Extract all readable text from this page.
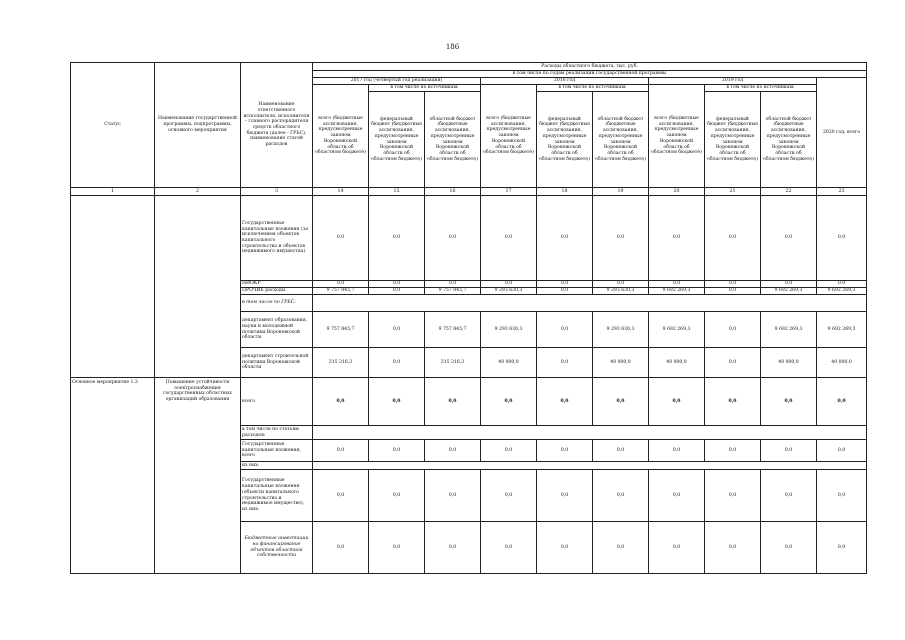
186
Статус	Наименование государственной программы, подпрограммы, основного мероприятия	Наименование ответственного исполнителя, исполнителя – главного распорядителя средств областного бюджета (далее - ГРБС), наименование статей расходов	Расходы областного бюджета, тыс. руб.									
			в том числе по годам реализации государственной программы									
			2017 год (четвертый год реализации)			2018 год			2019 год			2020 год, всего
			всего (бюджетные ассигнования, предусмотренные законом Воронежской области об областном бюджете)	в том числе по источникам:		всего (бюджетные ассигнования, предусмотренные законом Воронежской области об областном бюджете)	в том числе по источникам:		всего (бюджетные ассигнования, предусмотренные законом Воронежской области об областном бюджете)	в том числе по источникам:		
				федеральный бюджет (бюджетные ассигнования, предусмотренные законом Воронежской области об областном бюджете)	областной бюджет (бюджетные ассигнования, предусмотренные законом Воронежской области об областном бюджете)		федеральный бюджет (бюджетные ассигнования, предусмотренные законом Воронежской области об областном бюджете)	областной бюджет (бюджетные ассигнования, предусмотренные законом Воронежской области об областном бюджете)		федеральный бюджет (бюджетные ассигнования, предусмотренные законом Воронежской области об областном бюджете)	областной бюджет (бюджетные ассигнования, предусмотренные законом Воронежской области об областном бюджете)	
1	2	3	14	15	16	17	18	19	20	21	22	23
		Государственные капитальные вложения (за исключением объектов капитального строительства и объектов недвижимого имущества)	0,0	0,0	0,0	0,0	0,0	0,0	0,0	0,0	0,0	0,0
		НИОКР	0,0	0,0	0,0	0,0	0,0	0,0	0,0	0,0	0,0	0,0
		ПРОЧИЕ расходы	9 757 845,7	0,0	9 757 845,7	9 293 630,3	0,0	9 293 630,3	9 692 269,3	0,0	9 692 269,3	9 692 269,3
		в том числе по ГРБС:										
		департамент образования, науки и молодежной политики Воронежской области	9 757 845,7	0,0	9 757 845,7	9 293 630,3	0,0	9 293 630,3	9 692 269,3	0,0	9 692 269,3	9 692 269,3
		департамент строительной политики Воронежской области	315 316,3	0,0	315 316,3	40 000,0	0,0	40 000,0	40 000,0	0,0	40 000,0	40 000,0
Основное мероприятие 1.3	Повышение устойчивости электроснабжения государственных областных организаций образования	всего	0,0	0,0	0,0	0,0	0,0	0,0	0,0	0,0	0,0	0,0
		в том числе по статьям расходов:										
		Государственные капитальные вложения, всего	0,0	0,0	0,0	0,0	0,0	0,0	0,0	0,0	0,0	0,0
		из них:										
		Государственные капитальные вложения (объекты капитального строительства и недвижимое имущество), из них:	0,0	0,0	0,0	0,0	0,0	0,0	0,0	0,0	0,0	0,0
		Бюджетные инвестиции на финансирование объектов областной собственности	0,0	0,0	0,0	0,0	0,0	0,0	0,0	0,0	0,0	0,0
